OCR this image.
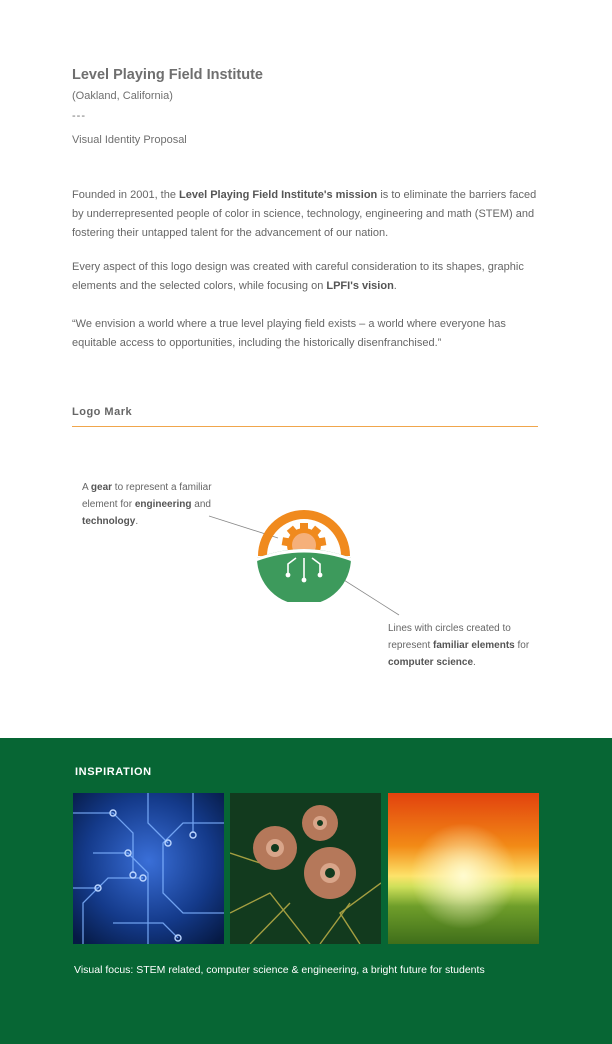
Level Playing Field Institute
(Oakland, California)
---
Visual Identity Proposal

Founded in 2001, the Level Playing Field Institute's mission is to eliminate the barriers faced by underrepresented people of color in science, technology, engineering and math (STEM) and fostering their untapped talent for the advancement of our nation.

Every aspect of this logo design was created with careful consideration to its shapes, graphic elements and the selected colors, while focusing on LPFI's vision.

“We envision a world where a true level playing field exists – a world where everyone has equitable access to opportunities, including the historically disenfranchised.”

Logo Mark

A gear to represent a familiar element for engineering and technology.

Lines with circles created to represent familiar elements for computer science.

INSPIRATION
Visual focus: STEM related, computer science & engineering, a bright future for students
